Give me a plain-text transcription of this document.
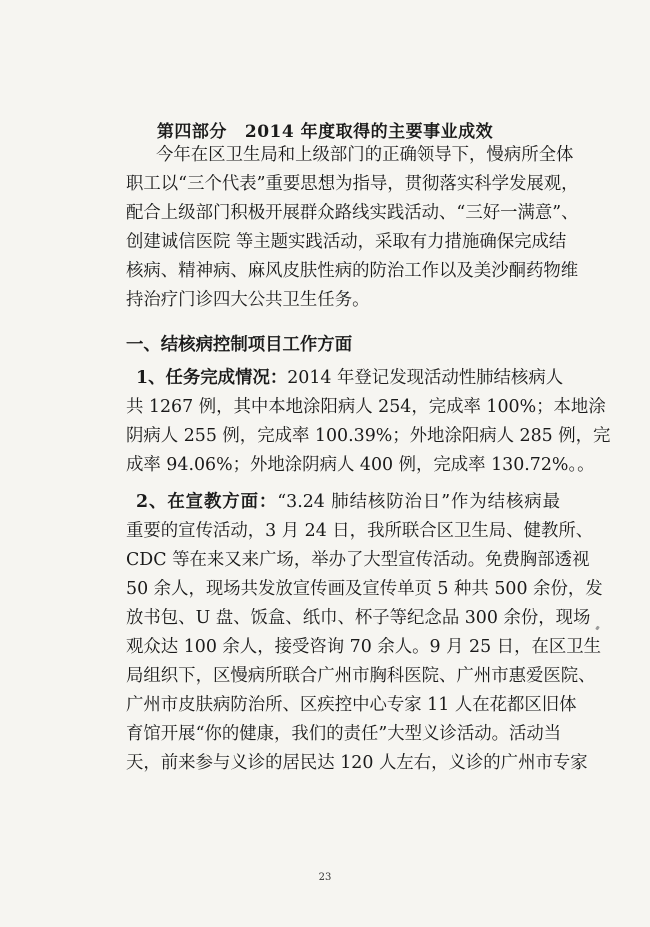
第四部分 2014 年度取得的主要事业成效
今年在区卫生局和上级部门的正确领导下，慢病所全体
职工以“三个代表”重要思想为指导，贯彻落实科学发展观，
配合上级部门积极开展群众路线实践活动、“三好一满意”、
创建诚信医院 等主题实践活动，采取有力措施确保完成结
核病、精神病、麻风皮肤性病的防治工作以及美沙酮药物维
持治疗门诊四大公共卫生任务。
一、结核病控制项目工作方面
1、任务完成情况：2014 年登记发现活动性肺结核病人
共 1267 例，其中本地涂阳病人 254，完成率 100%；本地涂
阴病人 255 例，完成率 100.39%；外地涂阳病人 285 例，完
成率 94.06%；外地涂阴病人 400 例，完成率 130.72%。。
2、在宣教方面：“3.24 肺结核防治日”作为结核病最
重要的宣传活动，3 月 24 日，我所联合区卫生局、健教所、
CDC 等在来又来广场，举办了大型宣传活动。免费胸部透视
50 余人，现场共发放宣传画及宣传单页 5 种共 500 余份，发
放书包、U 盘、饭盒、纸巾、杯子等纪念品 300 余份，现场
观众达 100 余人，接受咨询 70 余人。9 月 25 日，在区卫生
局组织下，区慢病所联合广州市胸科医院、广州市惠爱医院、
广州市皮肤病防治所、区疾控中心专家 11 人在花都区旧体
育馆开展“你的健康，我们的责任”大型义诊活动。活动当
天，前来参与义诊的居民达 120 人左右，义诊的广州市专家
23
